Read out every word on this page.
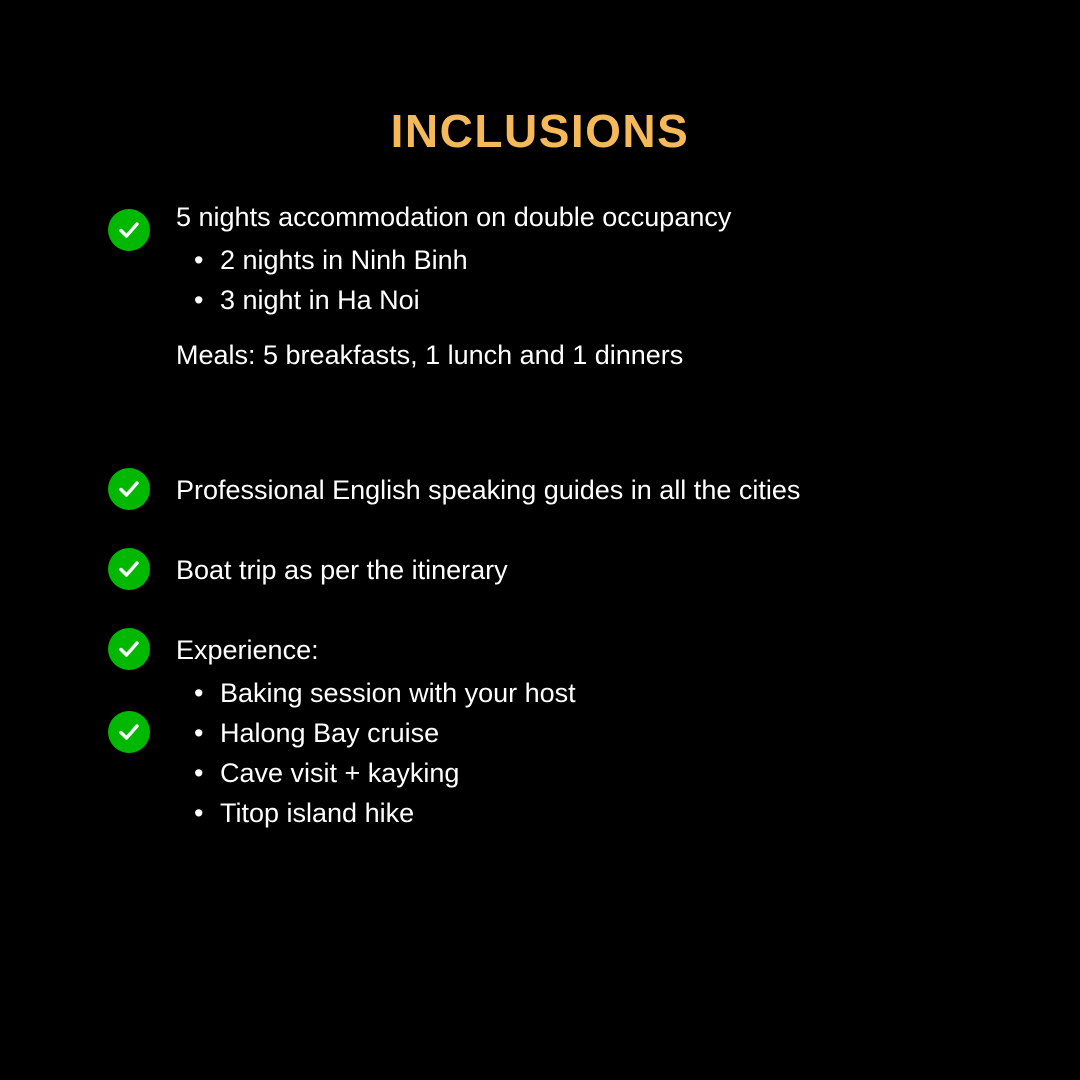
INCLUSIONS
5 nights accommodation on double occupancy
• 2 nights in Ninh Binh
• 3 night in Ha Noi
Meals: 5 breakfasts, 1 lunch and 1 dinners
Professional English speaking guides in all the cities
Boat trip as per the itinerary
Experience:
• Baking session with your host
• Halong Bay cruise
• Cave visit + kayking
• Titop island hike
